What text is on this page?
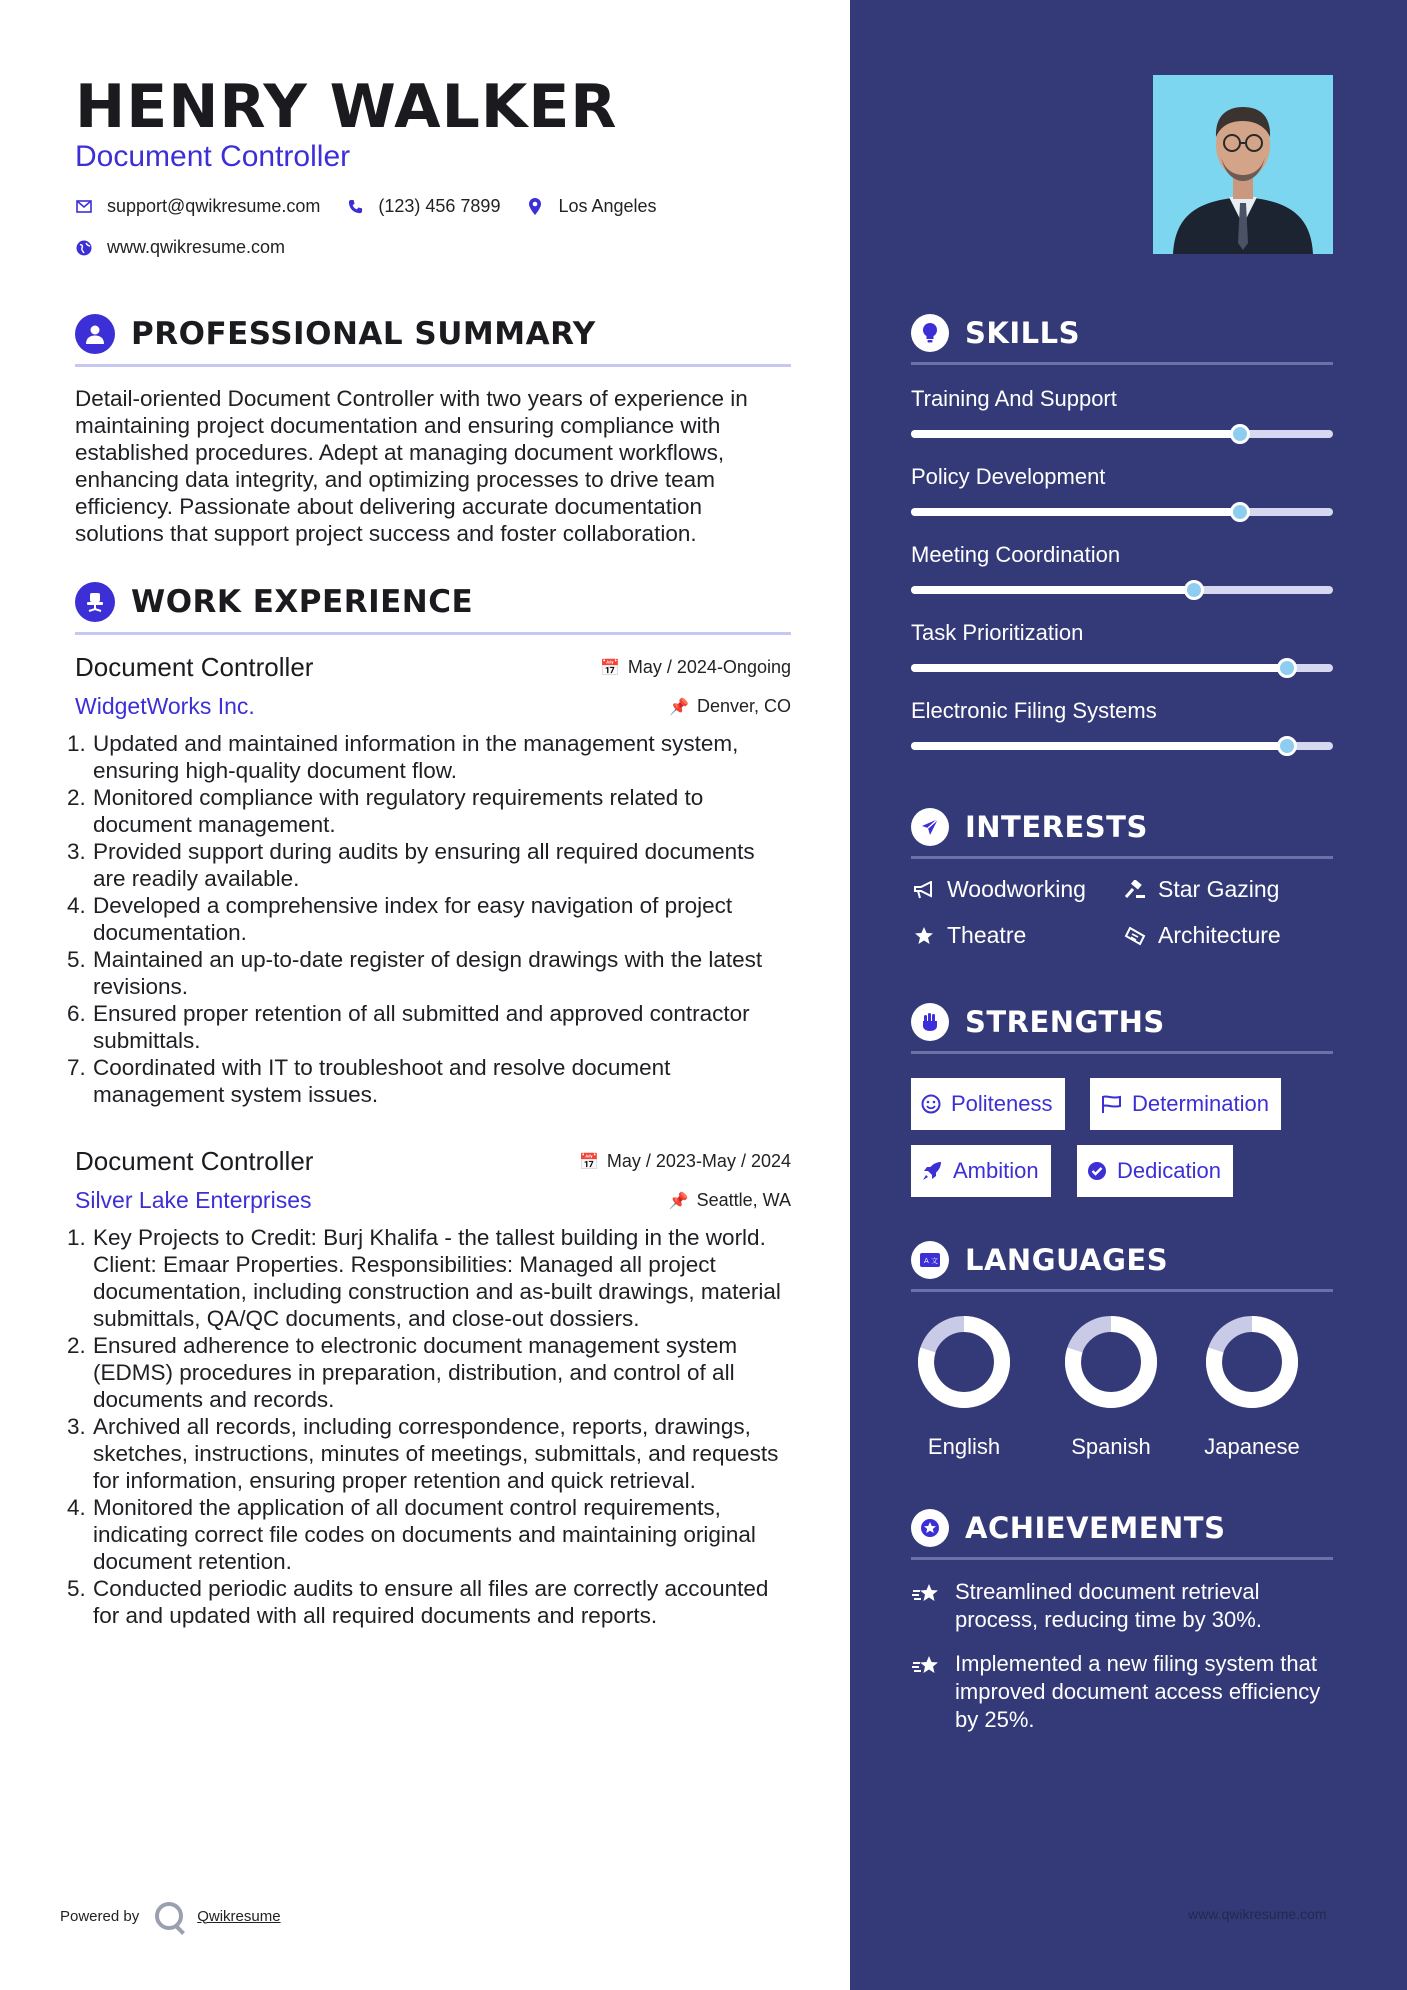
HENRY WALKER
Document Controller
support@qwikresume.com	(123) 456 7899	Los Angeles
www.qwikresume.com
PROFESSIONAL SUMMARY
Detail-oriented Document Controller with two years of experience in maintaining project documentation and ensuring compliance with established procedures. Adept at managing document workflows, enhancing data integrity, and optimizing processes to drive team efficiency. Passionate about delivering accurate documentation solutions that support project success and foster collaboration.
WORK EXPERIENCE
Document Controller	📅 May / 2024-Ongoing
WidgetWorks Inc.	📌 Denver, CO
1. Updated and maintained information in the management system, ensuring high-quality document flow.
2. Monitored compliance with regulatory requirements related to document management.
3. Provided support during audits by ensuring all required documents are readily available.
4. Developed a comprehensive index for easy navigation of project documentation.
5. Maintained an up-to-date register of design drawings with the latest revisions.
6. Ensured proper retention of all submitted and approved contractor submittals.
7. Coordinated with IT to troubleshoot and resolve document management system issues.
Document Controller	📅 May / 2023-May / 2024
Silver Lake Enterprises	📌 Seattle, WA
1. Key Projects to Credit: Burj Khalifa - the tallest building in the world. Client: Emaar Properties. Responsibilities: Managed all project documentation, including construction and as-built drawings, material submittals, QA/QC documents, and close-out dossiers.
2. Ensured adherence to electronic document management system (EDMS) procedures in preparation, distribution, and control of all documents and records.
3. Archived all records, including correspondence, reports, drawings, sketches, instructions, minutes of meetings, submittals, and requests for information, ensuring proper retention and quick retrieval.
4. Monitored the application of all document control requirements, indicating correct file codes on documents and maintaining original document retention.
5. Conducted periodic audits to ensure all files are correctly accounted for and updated with all required documents and reports.
Powered by	Qwikresume
SKILLS
Training And Support
Policy Development
Meeting Coordination
Task Prioritization
Electronic Filing Systems
INTERESTS
Woodworking	Star Gazing
Theatre	Architecture
STRENGTHS
Politeness	Determination
Ambition	Dedication
A 文 LANGUAGES
English	Spanish	Japanese
ACHIEVEMENTS
Streamlined document retrieval process, reducing time by 30%.
Implemented a new filing system that improved document access efficiency by 25%.
www.qwikresume.com
